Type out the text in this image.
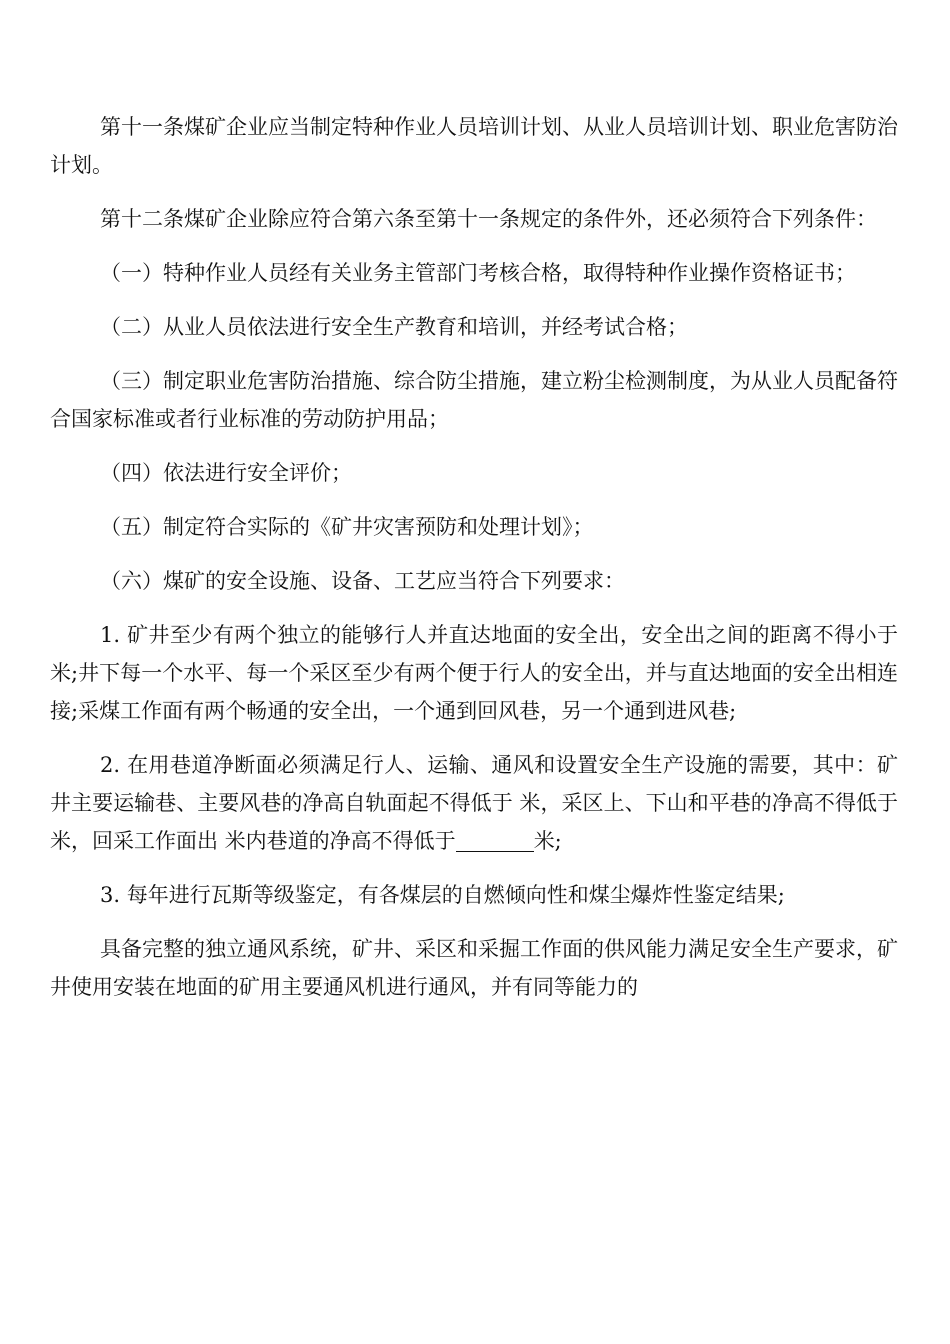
第十一条煤矿企业应当制定特种作业人员培训计划、从业人员培训计划、职业危害防治计划。

第十二条煤矿企业除应符合第六条至第十一条规定的条件外，还必须符合下列条件：

（一）特种作业人员经有关业务主管部门考核合格，取得特种作业操作资格证书；

（二）从业人员依法进行安全生产教育和培训，并经考试合格；

（三）制定职业危害防治措施、综合防尘措施，建立粉尘检测制度，为从业人员配备符合国家标准或者行业标准的劳动防护用品；

（四）依法进行安全评价；

（五）制定符合实际的《矿井灾害预防和处理计划》；

（六）煤矿的安全设施、设备、工艺应当符合下列要求：

1. 矿井至少有两个独立的能够行人并直达地面的安全出，安全出之间的距离不得小于 米;井下每一个水平、每一个采区至少有两个便于行人的安全出，并与直达地面的安全出相连接;采煤工作面有两个畅通的安全出，一个通到回风巷，另一个通到进风巷;

2. 在用巷道净断面必须满足行人、运输、通风和设置安全生产设施的需要，其中：矿井主要运输巷、主要风巷的净高自轨面起不得低于 米，采区上、下山和平巷的净高不得低于 米，回采工作面出 米内巷道的净高不得低于	米;

3. 每年进行瓦斯等级鉴定，有各煤层的自燃倾向性和煤尘爆炸性鉴定结果;

具备完整的独立通风系统，矿井、采区和采掘工作面的供风能力满足安全生产要求，矿井使用安装在地面的矿用主要通风机进行通风，并有同等能力的
